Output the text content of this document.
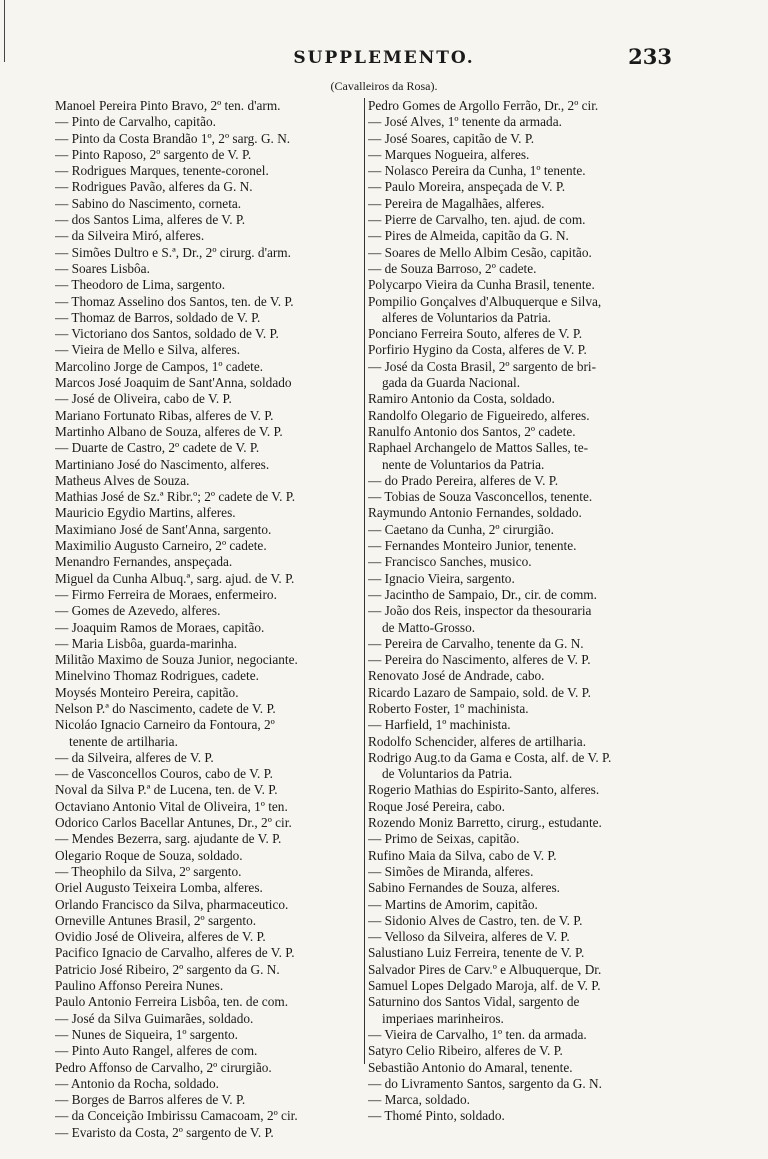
SUPPLEMENTO.	233
(Cavalleiros da Rosa).
Manoel Pereira Pinto Bravo, 2º ten. d'arm.
— Pinto de Carvalho, capitão.
— Pinto da Costa Brandão 1º, 2º sarg. G. N.
— Pinto Raposo, 2º sargento de V. P.
— Rodrigues Marques, tenente-coronel.
— Rodrigues Pavão, alferes da G. N.
— Sabino do Nascimento, corneta.
— dos Santos Lima, alferes de V. P.
— da Silveira Miró, alferes.
— Simões Dultro e S.ª, Dr., 2º cirurg. d'arm.
— Soares Lisbôa.
— Theodoro de Lima, sargento.
— Thomaz Asselino dos Santos, ten. de V. P.
— Thomaz de Barros, soldado de V. P.
— Victoriano dos Santos, soldado de V. P.
— Vieira de Mello e Silva, alferes.
Marcolino Jorge de Campos, 1º cadete.
Marcos José Joaquim de Sant'Anna, soldado
— José de Oliveira, cabo de V. P.
Mariano Fortunato Ribas, alferes de V. P.
Martinho Albano de Souza, alferes de V. P.
— Duarte de Castro, 2º cadete de V. P.
Martiniano José do Nascimento, alferes.
Matheus Alves de Souza.
Mathias José de Sz.ª Ribr.º; 2º cadete de V. P.
Mauricio Egydio Martins, alferes.
Maximiano José de Sant'Anna, sargento.
Maximilio Augusto Carneiro, 2º cadete.
Menandro Fernandes, anspeçada.
Miguel da Cunha Albuq.ª, sarg. ajud. de V. P.
— Firmo Ferreira de Moraes, enfermeiro.
— Gomes de Azevedo, alferes.
— Joaquim Ramos de Moraes, capitão.
— Maria Lisbôa, guarda-marinha.
Militão Maximo de Souza Junior, negociante.
Minelvino Thomaz Rodrigues, cadete.
Moysés Monteiro Pereira, capitão.
Nelson P.ª do Nascimento, cadete de V. P.
Nicoláo Ignacio Carneiro da Fontoura, 2º
tenente de artilharia.
— da Silveira, alferes de V. P.
— de Vasconcellos Couros, cabo de V. P.
Noval da Silva P.ª de Lucena, ten. de V. P.
Octaviano Antonio Vital de Oliveira, 1º ten.
Odorico Carlos Bacellar Antunes, Dr., 2º cir.
— Mendes Bezerra, sarg. ajudante de V. P.
Olegario Roque de Souza, soldado.
— Theophilo da Silva, 2º sargento.
Oriel Augusto Teixeira Lomba, alferes.
Orlando Francisco da Silva, pharmaceutico.
Orneville Antunes Brasil, 2º sargento.
Ovidio José de Oliveira, alferes de V. P.
Pacifico Ignacio de Carvalho, alferes de V. P.
Patricio José Ribeiro, 2º sargento da G. N.
Paulino Affonso Pereira Nunes.
Paulo Antonio Ferreira Lisbôa, ten. de com.
— José da Silva Guimarães, soldado.
— Nunes de Siqueira, 1º sargento.
— Pinto Auto Rangel, alferes de com.
Pedro Affonso de Carvalho, 2º cirurgião.
— Antonio da Rocha, soldado.
— Borges de Barros alferes de V. P.
— da Conceição Imbirissu Camacoam, 2º cir.
— Evaristo da Costa, 2º sargento de V. P.
Pedro Gomes de Argollo Ferrão, Dr., 2º cir.
— José Alves, 1º tenente da armada.
— José Soares, capitão de V. P.
— Marques Nogueira, alferes.
— Nolasco Pereira da Cunha, 1º tenente.
— Paulo Moreira, anspeçada de V. P.
— Pereira de Magalhães, alferes.
— Pierre de Carvalho, ten. ajud. de com.
— Pires de Almeida, capitão da G. N.
— Soares de Mello Albim Cesão, capitão.
— de Souza Barroso, 2º cadete.
Polycarpo Vieira da Cunha Brasil, tenente.
Pompilio Gonçalves d'Albuquerque e Silva,
alferes de Voluntarios da Patria.
Ponciano Ferreira Souto, alferes de V. P.
Porfirio Hygino da Costa, alferes de V. P.
— José da Costa Brasil, 2º sargento de bri-
gada da Guarda Nacional.
Ramiro Antonio da Costa, soldado.
Randolfo Olegario de Figueiredo, alferes.
Ranulfo Antonio dos Santos, 2º cadete.
Raphael Archangelo de Mattos Salles, te-
nente de Voluntarios da Patria.
— do Prado Pereira, alferes de V. P.
— Tobias de Souza Vasconcellos, tenente.
Raymundo Antonio Fernandes, soldado.
— Caetano da Cunha, 2º cirurgião.
— Fernandes Monteiro Junior, tenente.
— Francisco Sanches, musico.
— Ignacio Vieira, sargento.
— Jacintho de Sampaio, Dr., cir. de comm.
— João dos Reis, inspector da thesouraria
de Matto-Grosso.
— Pereira de Carvalho, tenente da G. N.
— Pereira do Nascimento, alferes de V. P.
Renovato José de Andrade, cabo.
Ricardo Lazaro de Sampaio, sold. de V. P.
Roberto Foster, 1º machinista.
— Harfield, 1º machinista.
Rodolfo Schencider, alferes de artilharia.
Rodrigo Aug.to da Gama e Costa, alf. de V. P.
de Voluntarios da Patria.
Rogerio Mathias do Espirito-Santo, alferes.
Roque José Pereira, cabo.
Rozendo Moniz Barretto, cirurg., estudante.
— Primo de Seixas, capitão.
Rufino Maia da Silva, cabo de V. P.
— Simões de Miranda, alferes.
Sabino Fernandes de Souza, alferes.
— Martins de Amorim, capitão.
— Sidonio Alves de Castro, ten. de V. P.
— Velloso da Silveira, alferes de V. P.
Salustiano Luiz Ferreira, tenente de V. P.
Salvador Pires de Carv.º e Albuquerque, Dr.
Samuel Lopes Delgado Maroja, alf. de V. P.
Saturnino dos Santos Vidal, sargento de
imperiaes marinheiros.
— Vieira de Carvalho, 1º ten. da armada.
Satyro Celio Ribeiro, alferes de V. P.
Sebastião Antonio do Amaral, tenente.
— do Livramento Santos, sargento da G. N.
— Marca, soldado.
— Thomé Pinto, soldado.
